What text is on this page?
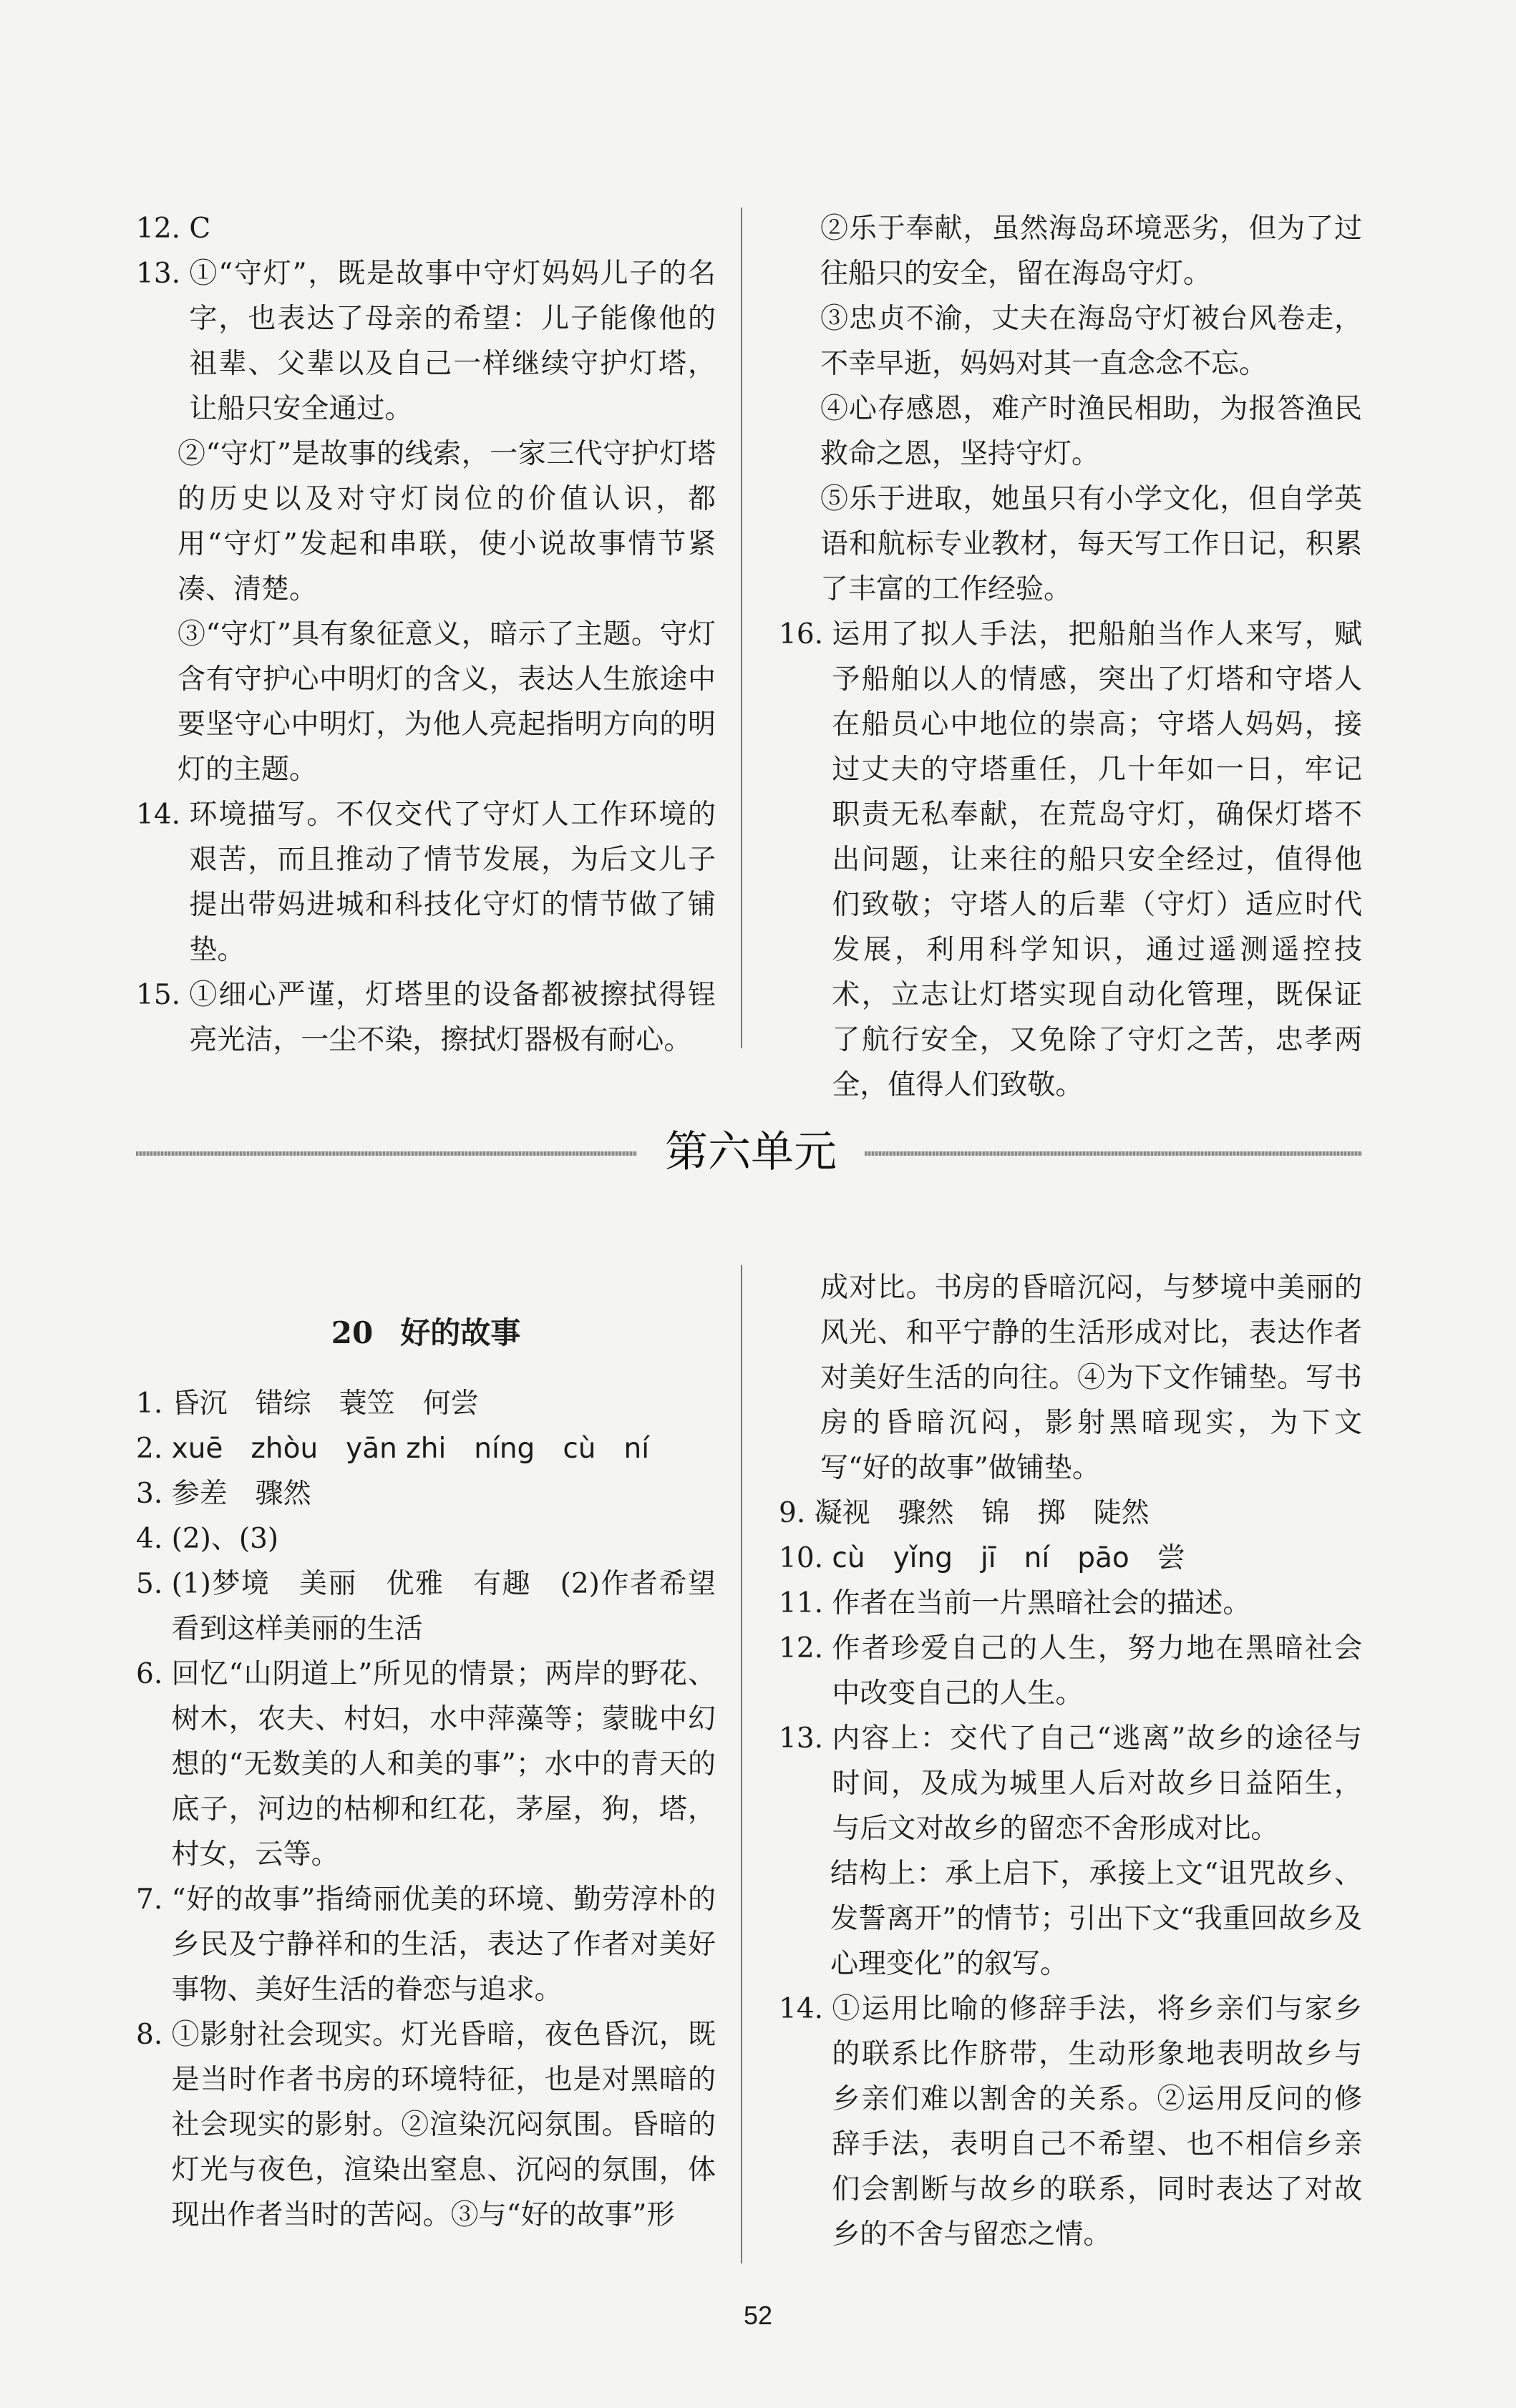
12. C
13. ①“守灯”，既是故事中守灯妈妈儿子的名字，也表达了母亲的希望：儿子能像他的祖辈、父辈以及自己一样继续守护灯塔，让船只安全通过。
②“守灯”是故事的线索，一家三代守护灯塔的历史以及对守灯岗位的价值认识，都用“守灯”发起和串联，使小说故事情节紧凑、清楚。
③“守灯”具有象征意义，暗示了主题。守灯含有守护心中明灯的含义，表达人生旅途中要坚守心中明灯，为他人亮起指明方向的明灯的主题。
14. 环境描写。不仅交代了守灯人工作环境的艰苦，而且推动了情节发展，为后文儿子提出带妈进城和科技化守灯的情节做了铺垫。
15. ①细心严谨，灯塔里的设备都被擦拭得锃亮光洁，一尘不染，擦拭灯器极有耐心。
②乐于奉献，虽然海岛环境恶劣，但为了过往船只的安全，留在海岛守灯。
③忠贞不渝，丈夫在海岛守灯被台风卷走，不幸早逝，妈妈对其一直念念不忘。
④心存感恩，难产时渔民相助，为报答渔民救命之恩，坚持守灯。
⑤乐于进取，她虽只有小学文化，但自学英语和航标专业教材，每天写工作日记，积累了丰富的工作经验。
16. 运用了拟人手法，把船舶当作人来写，赋予船舶以人的情感，突出了灯塔和守塔人在船员心中地位的崇高；守塔人妈妈，接过丈夫的守塔重任，几十年如一日，牢记职责无私奉献，在荒岛守灯，确保灯塔不出问题，让来往的船只安全经过，值得他们致敬；守塔人的后辈（守灯）适应时代发展，利用科学知识，通过遥测遥控技术，立志让灯塔实现自动化管理，既保证了航行安全，又免除了守灯之苦，忠孝两全，值得人们致敬。
第六单元
20 好的故事
1. 昏沉　错综　蓑笠　何尝
2. xuē　zhòu　yān zhi　níng　cù　ní
3. 参差　骤然
4. (2)、(3)
5. (1)梦境　美丽　优雅　有趣　(2)作者希望看到这样美丽的生活
6. 回忆“山阴道上”所见的情景；两岸的野花、树木，农夫、村妇，水中萍藻等；蒙眬中幻想的“无数美的人和美的事”；水中的青天的底子，河边的枯柳和红花，茅屋，狗，塔，村女，云等。
7. “好的故事”指绮丽优美的环境、勤劳淳朴的乡民及宁静祥和的生活，表达了作者对美好事物、美好生活的眷恋与追求。
8. ①影射社会现实。灯光昏暗，夜色昏沉，既是当时作者书房的环境特征，也是对黑暗的社会现实的影射。②渲染沉闷氛围。昏暗的灯光与夜色，渲染出窒息、沉闷的氛围，体现出作者当时的苦闷。③与“好的故事”形
成对比。书房的昏暗沉闷，与梦境中美丽的风光、和平宁静的生活形成对比，表达作者对美好生活的向往。④为下文作铺垫。写书房的昏暗沉闷，影射黑暗现实，为下文写“好的故事”做铺垫。
9. 凝视　骤然　锦　掷　陡然
10. cù　yǐng　jī　ní　pāo　尝
11. 作者在当前一片黑暗社会的描述。
12. 作者珍爱自己的人生，努力地在黑暗社会中改变自己的人生。
13. 内容上：交代了自己“逃离”故乡的途径与时间，及成为城里人后对故乡日益陌生，与后文对故乡的留恋不舍形成对比。
结构上：承上启下，承接上文“诅咒故乡、发誓离开”的情节；引出下文“我重回故乡及心理变化”的叙写。
14. ①运用比喻的修辞手法，将乡亲们与家乡的联系比作脐带，生动形象地表明故乡与乡亲们难以割舍的关系。②运用反问的修辞手法，表明自己不希望、也不相信乡亲们会割断与故乡的联系，同时表达了对故乡的不舍与留恋之情。
52
